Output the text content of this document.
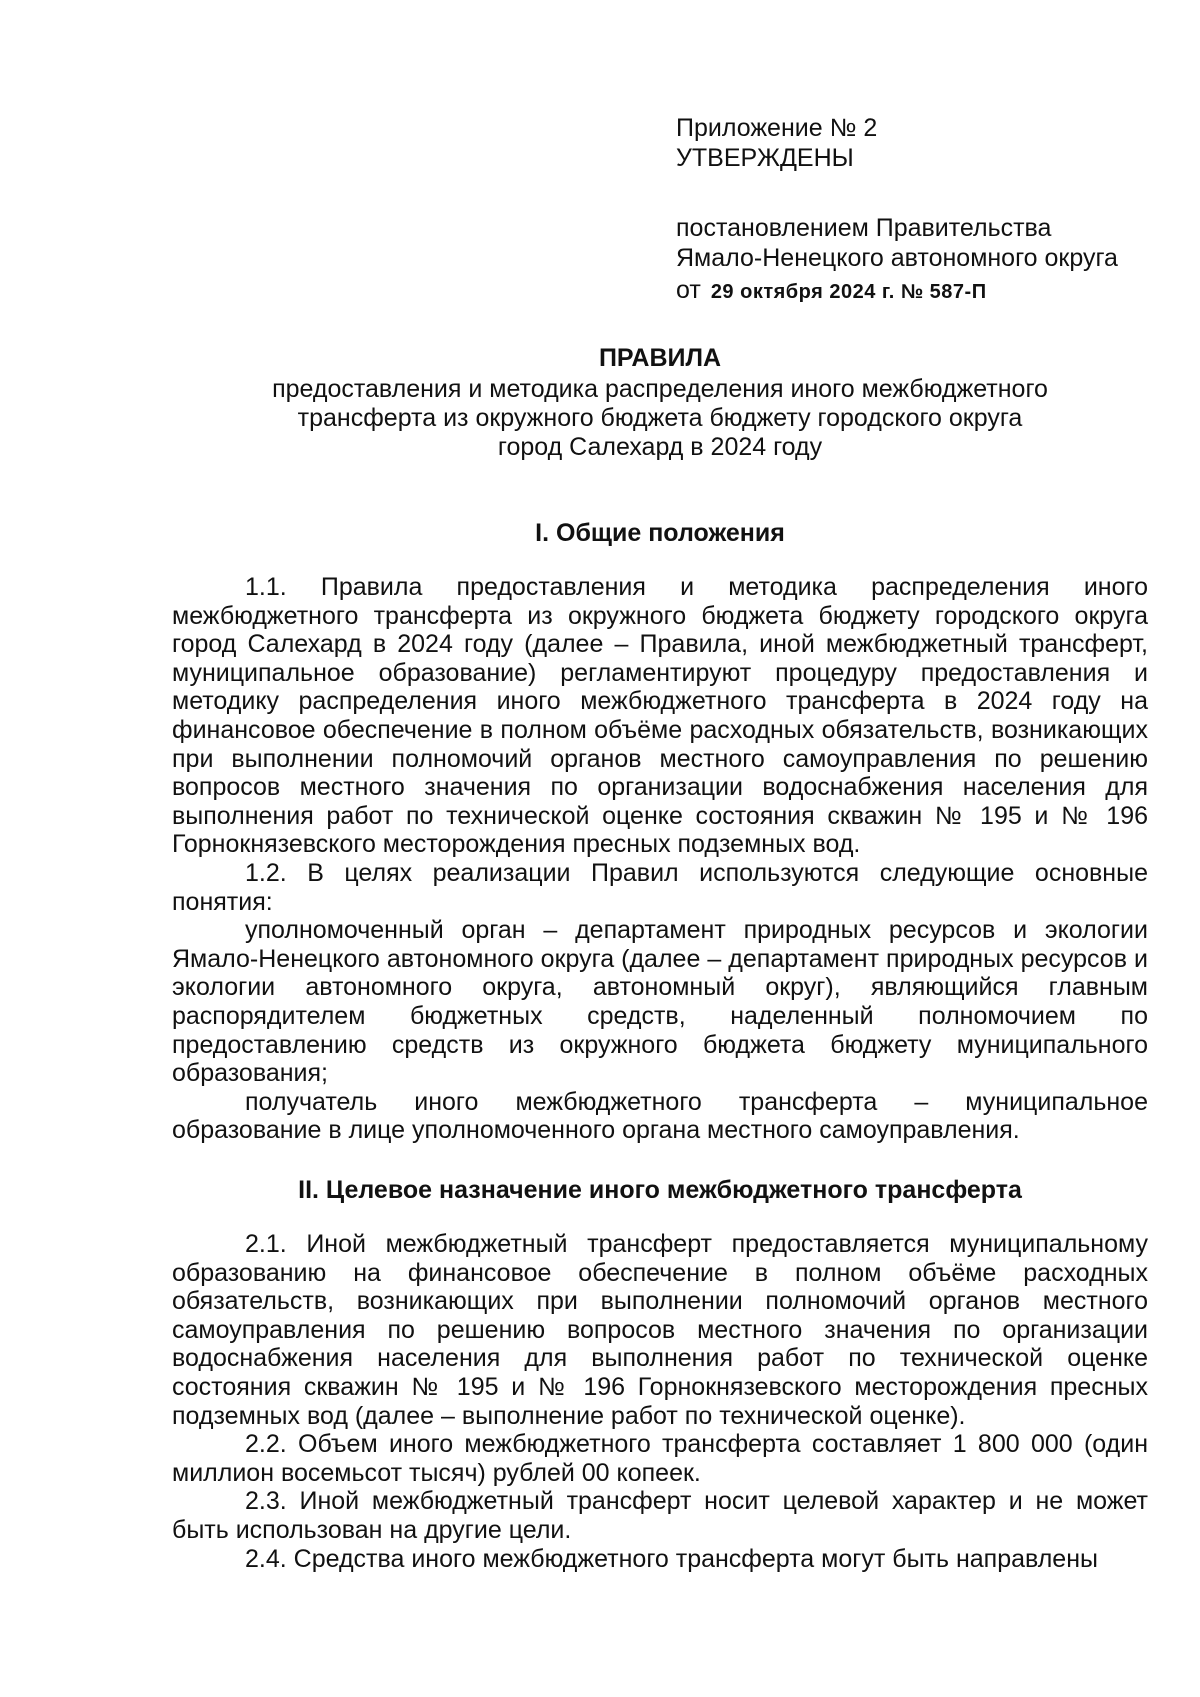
Приложение № 2
УТВЕРЖДЕНЫ
постановлением Правительства
Ямало-Ненецкого автономного округа
от 29 октября 2024 г. № 587-П
ПРАВИЛА
предоставления и методика распределения иного межбюджетного
трансферта из окружного бюджета бюджету городского округа
город Салехард в 2024 году
I. Общие положения

1.1. Правила предоставления и методика распределения иного межбюджетного трансферта из окружного бюджета бюджету городского округа город Салехард в 2024 году (далее – Правила, иной межбюджетный трансферт, муниципальное образование) регламентируют процедуру предоставления и методику распределения иного межбюджетного трансферта в 2024 году на финансовое обеспечение в полном объёме расходных обязательств, возникающих при выполнении полномочий органов местного самоуправления по решению вопросов местного значения по организации водоснабжения населения для выполнения работ по технической оценке состояния скважин № 195 и № 196 Горнокнязевского месторождения пресных подземных вод.

1.2. В целях реализации Правил используются следующие основные понятия:

уполномоченный орган – департамент природных ресурсов и экологии Ямало-Ненецкого автономного округа (далее – департамент природных ресурсов и экологии автономного округа, автономный округ), являющийся главным распорядителем бюджетных средств, наделенный полномочием по предоставлению средств из окружного бюджета бюджету муниципального образования;

получатель иного межбюджетного трансферта – муниципальное образование в лице уполномоченного органа местного самоуправления.

II. Целевое назначение иного межбюджетного трансферта

2.1. Иной межбюджетный трансферт предоставляется муниципальному образованию на финансовое обеспечение в полном объёме расходных обязательств, возникающих при выполнении полномочий органов местного самоуправления по решению вопросов местного значения по организации водоснабжения населения для выполнения работ по технической оценке состояния скважин № 195 и № 196 Горнокнязевского месторождения пресных подземных вод (далее – выполнение работ по технической оценке).

2.2. Объем иного межбюджетного трансферта составляет 1 800 000 (один миллион восемьсот тысяч) рублей 00 копеек.

2.3. Иной межбюджетный трансферт носит целевой характер и не может быть использован на другие цели.

2.4. Средства иного межбюджетного трансферта могут быть направлены
